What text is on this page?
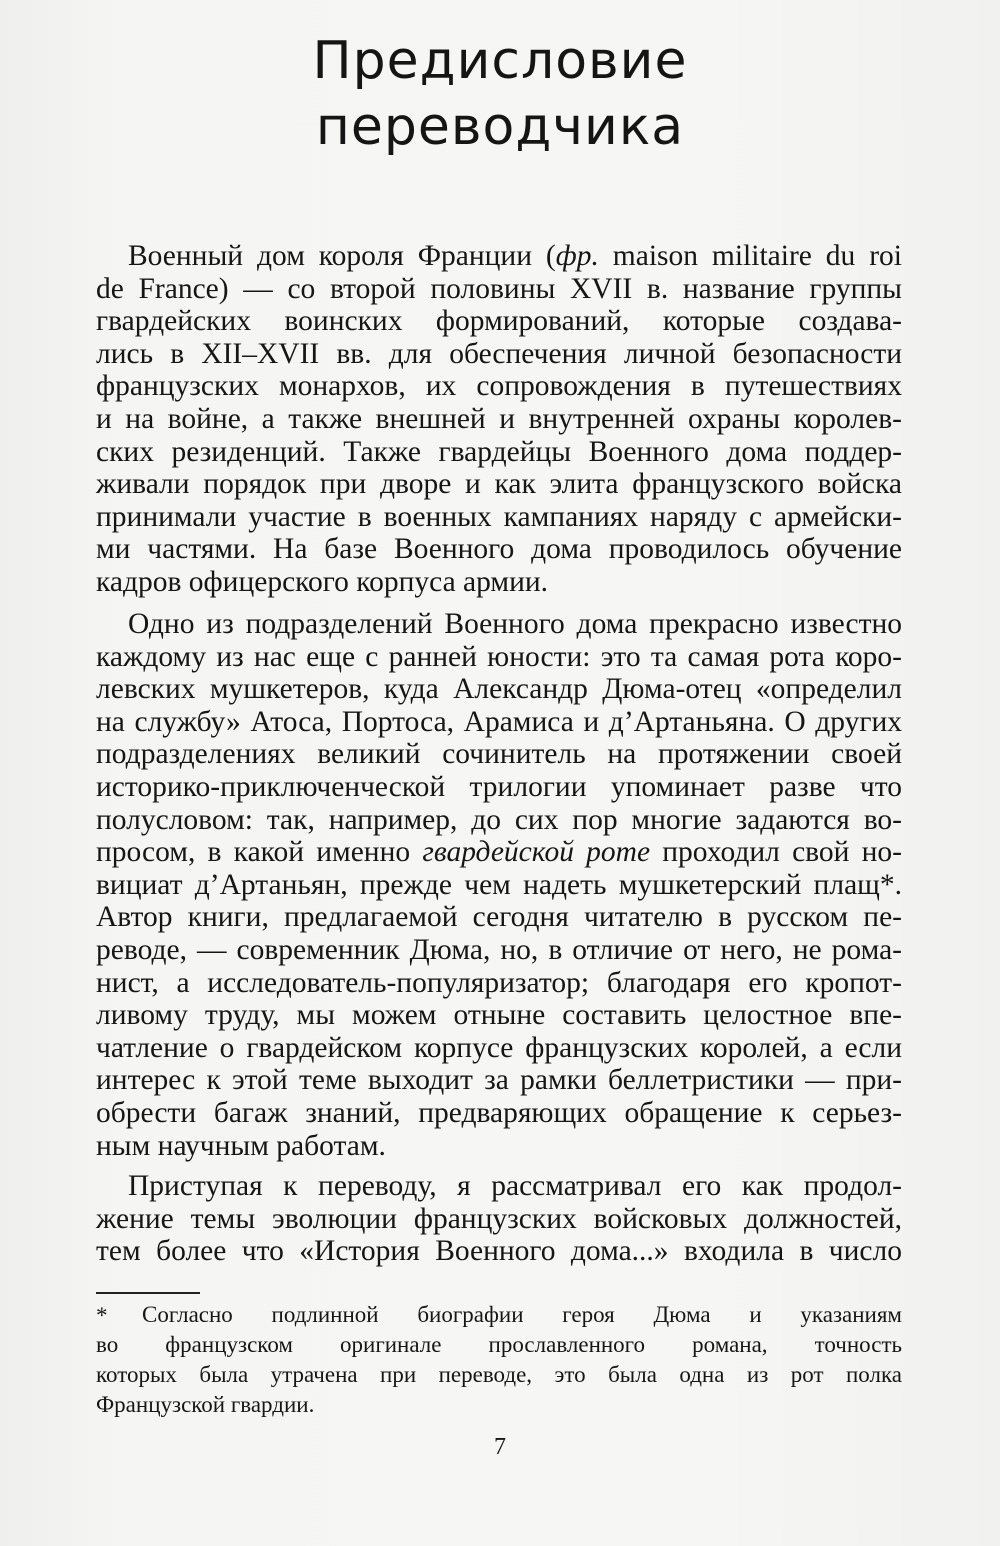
Предисловие
переводчика
Военный дом короля Франции (фр. maison militaire du roi
de France) — со второй половины XVII в. название группы
гвардейских воинских формирований, которые создава-
лись в XII–XVII вв. для обеспечения личной безопасности
французских монархов, их сопровождения в путешествиях
и на войне, а также внешней и внутренней охраны королев-
ских резиденций. Также гвардейцы Военного дома поддер-
живали порядок при дворе и как элита французского войска
принимали участие в военных кампаниях наряду с армейски-
ми частями. На базе Военного дома проводилось обучение
кадров офицерского корпуса армии.
Одно из подразделений Военного дома прекрасно известно
каждому из нас еще с ранней юности: это та самая рота коро-
левских мушкетеров, куда Александр Дюма-отец «определил
на службу» Атоса, Портоса, Арамиса и д’Артаньяна. О других
подразделениях великий сочинитель на протяжении своей
историко-приключенческой трилогии упоминает разве что
полусловом: так, например, до сих пор многие задаются во-
просом, в какой именно гвардейской роте проходил свой но-
вициат д’Артаньян, прежде чем надеть мушкетерский плащ*.
Автор книги, предлагаемой сегодня читателю в русском пе-
реводе, — современник Дюма, но, в отличие от него, не рома-
нист, а исследователь-популяризатор; благодаря его кропот-
ливому труду, мы можем отныне составить целостное впе-
чатление о гвардейском корпусе французских королей, а если
интерес к этой теме выходит за рамки беллетристики — при-
обрести багаж знаний, предваряющих обращение к серьез-
ным научным работам.
Приступая к переводу, я рассматривал его как продол-
жение темы эволюции французских войсковых должностей,
тем более что «История Военного дома...» входила в число
* Согласно подлинной биографии героя Дюма и указаниям
во французском оригинале прославленного романа, точность
которых была утрачена при переводе, это была одна из рот полка
Французской гвардии.
7
